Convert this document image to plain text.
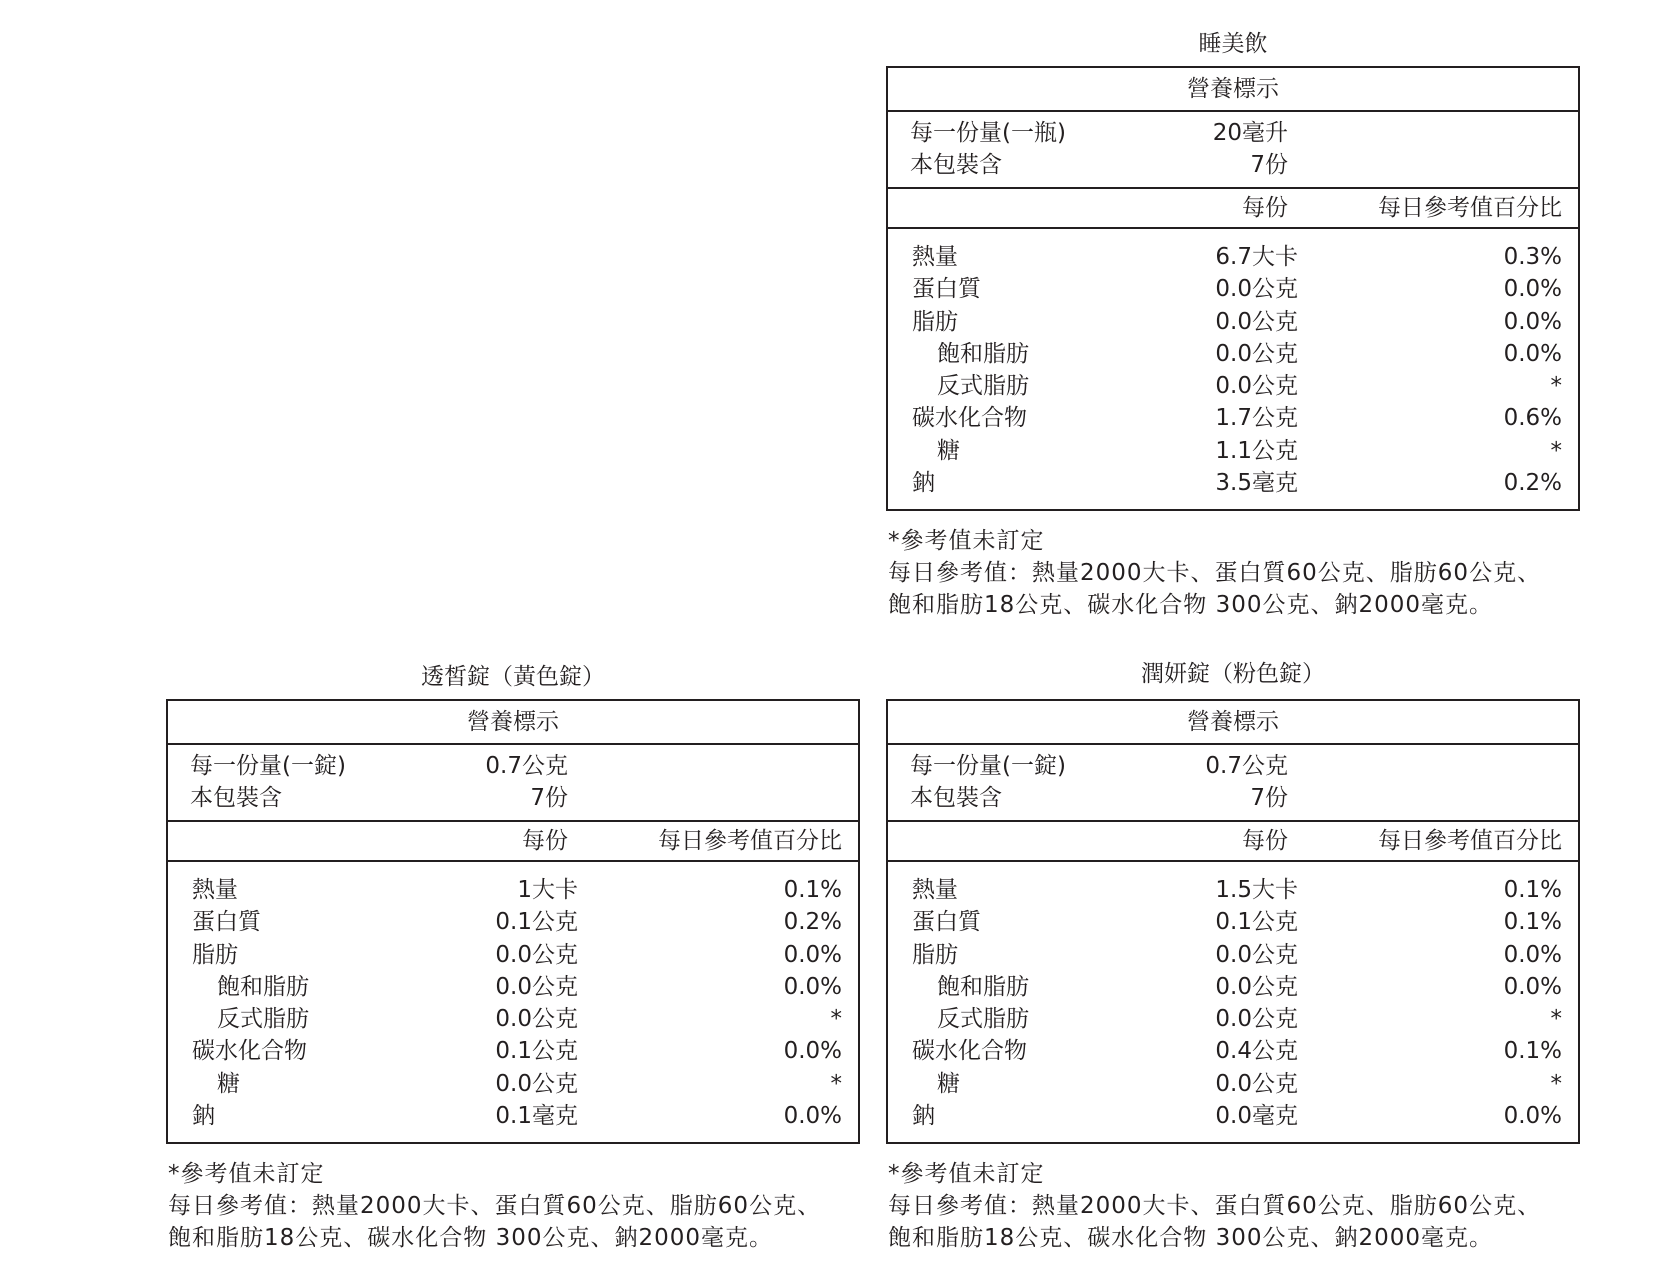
睡美飲
營養標示
每一份量(一瓶)	20毫升
本包裝含	7份
每份	每日參考值百分比
熱量	6.7大卡	0.3%
蛋白質	0.0公克	0.0%
脂肪	0.0公克	0.0%
飽和脂肪	0.0公克	0.0%
反式脂肪	0.0公克	*
碳水化合物	1.7公克	0.6%
糖	1.1公克	*
鈉	3.5毫克	0.2%
*參考值未訂定
每日參考值：熱量2000大卡、蛋白質60公克、脂肪60公克、
飽和脂肪18公克、碳水化合物 300公克、鈉2000毫克。
透皙錠（黃色錠）
營養標示
每一份量(一錠)	0.7公克
本包裝含	7份
每份	每日參考值百分比
熱量	1大卡	0.1%
蛋白質	0.1公克	0.2%
脂肪	0.0公克	0.0%
飽和脂肪	0.0公克	0.0%
反式脂肪	0.0公克	*
碳水化合物	0.1公克	0.0%
糖	0.0公克	*
鈉	0.1毫克	0.0%
*參考值未訂定
每日參考值：熱量2000大卡、蛋白質60公克、脂肪60公克、
飽和脂肪18公克、碳水化合物 300公克、鈉2000毫克。
潤妍錠（粉色錠）
營養標示
每一份量(一錠)	0.7公克
本包裝含	7份
每份	每日參考值百分比
熱量	1.5大卡	0.1%
蛋白質	0.1公克	0.1%
脂肪	0.0公克	0.0%
飽和脂肪	0.0公克	0.0%
反式脂肪	0.0公克	*
碳水化合物	0.4公克	0.1%
糖	0.0公克	*
鈉	0.0毫克	0.0%
*參考值未訂定
每日參考值：熱量2000大卡、蛋白質60公克、脂肪60公克、
飽和脂肪18公克、碳水化合物 300公克、鈉2000毫克。
